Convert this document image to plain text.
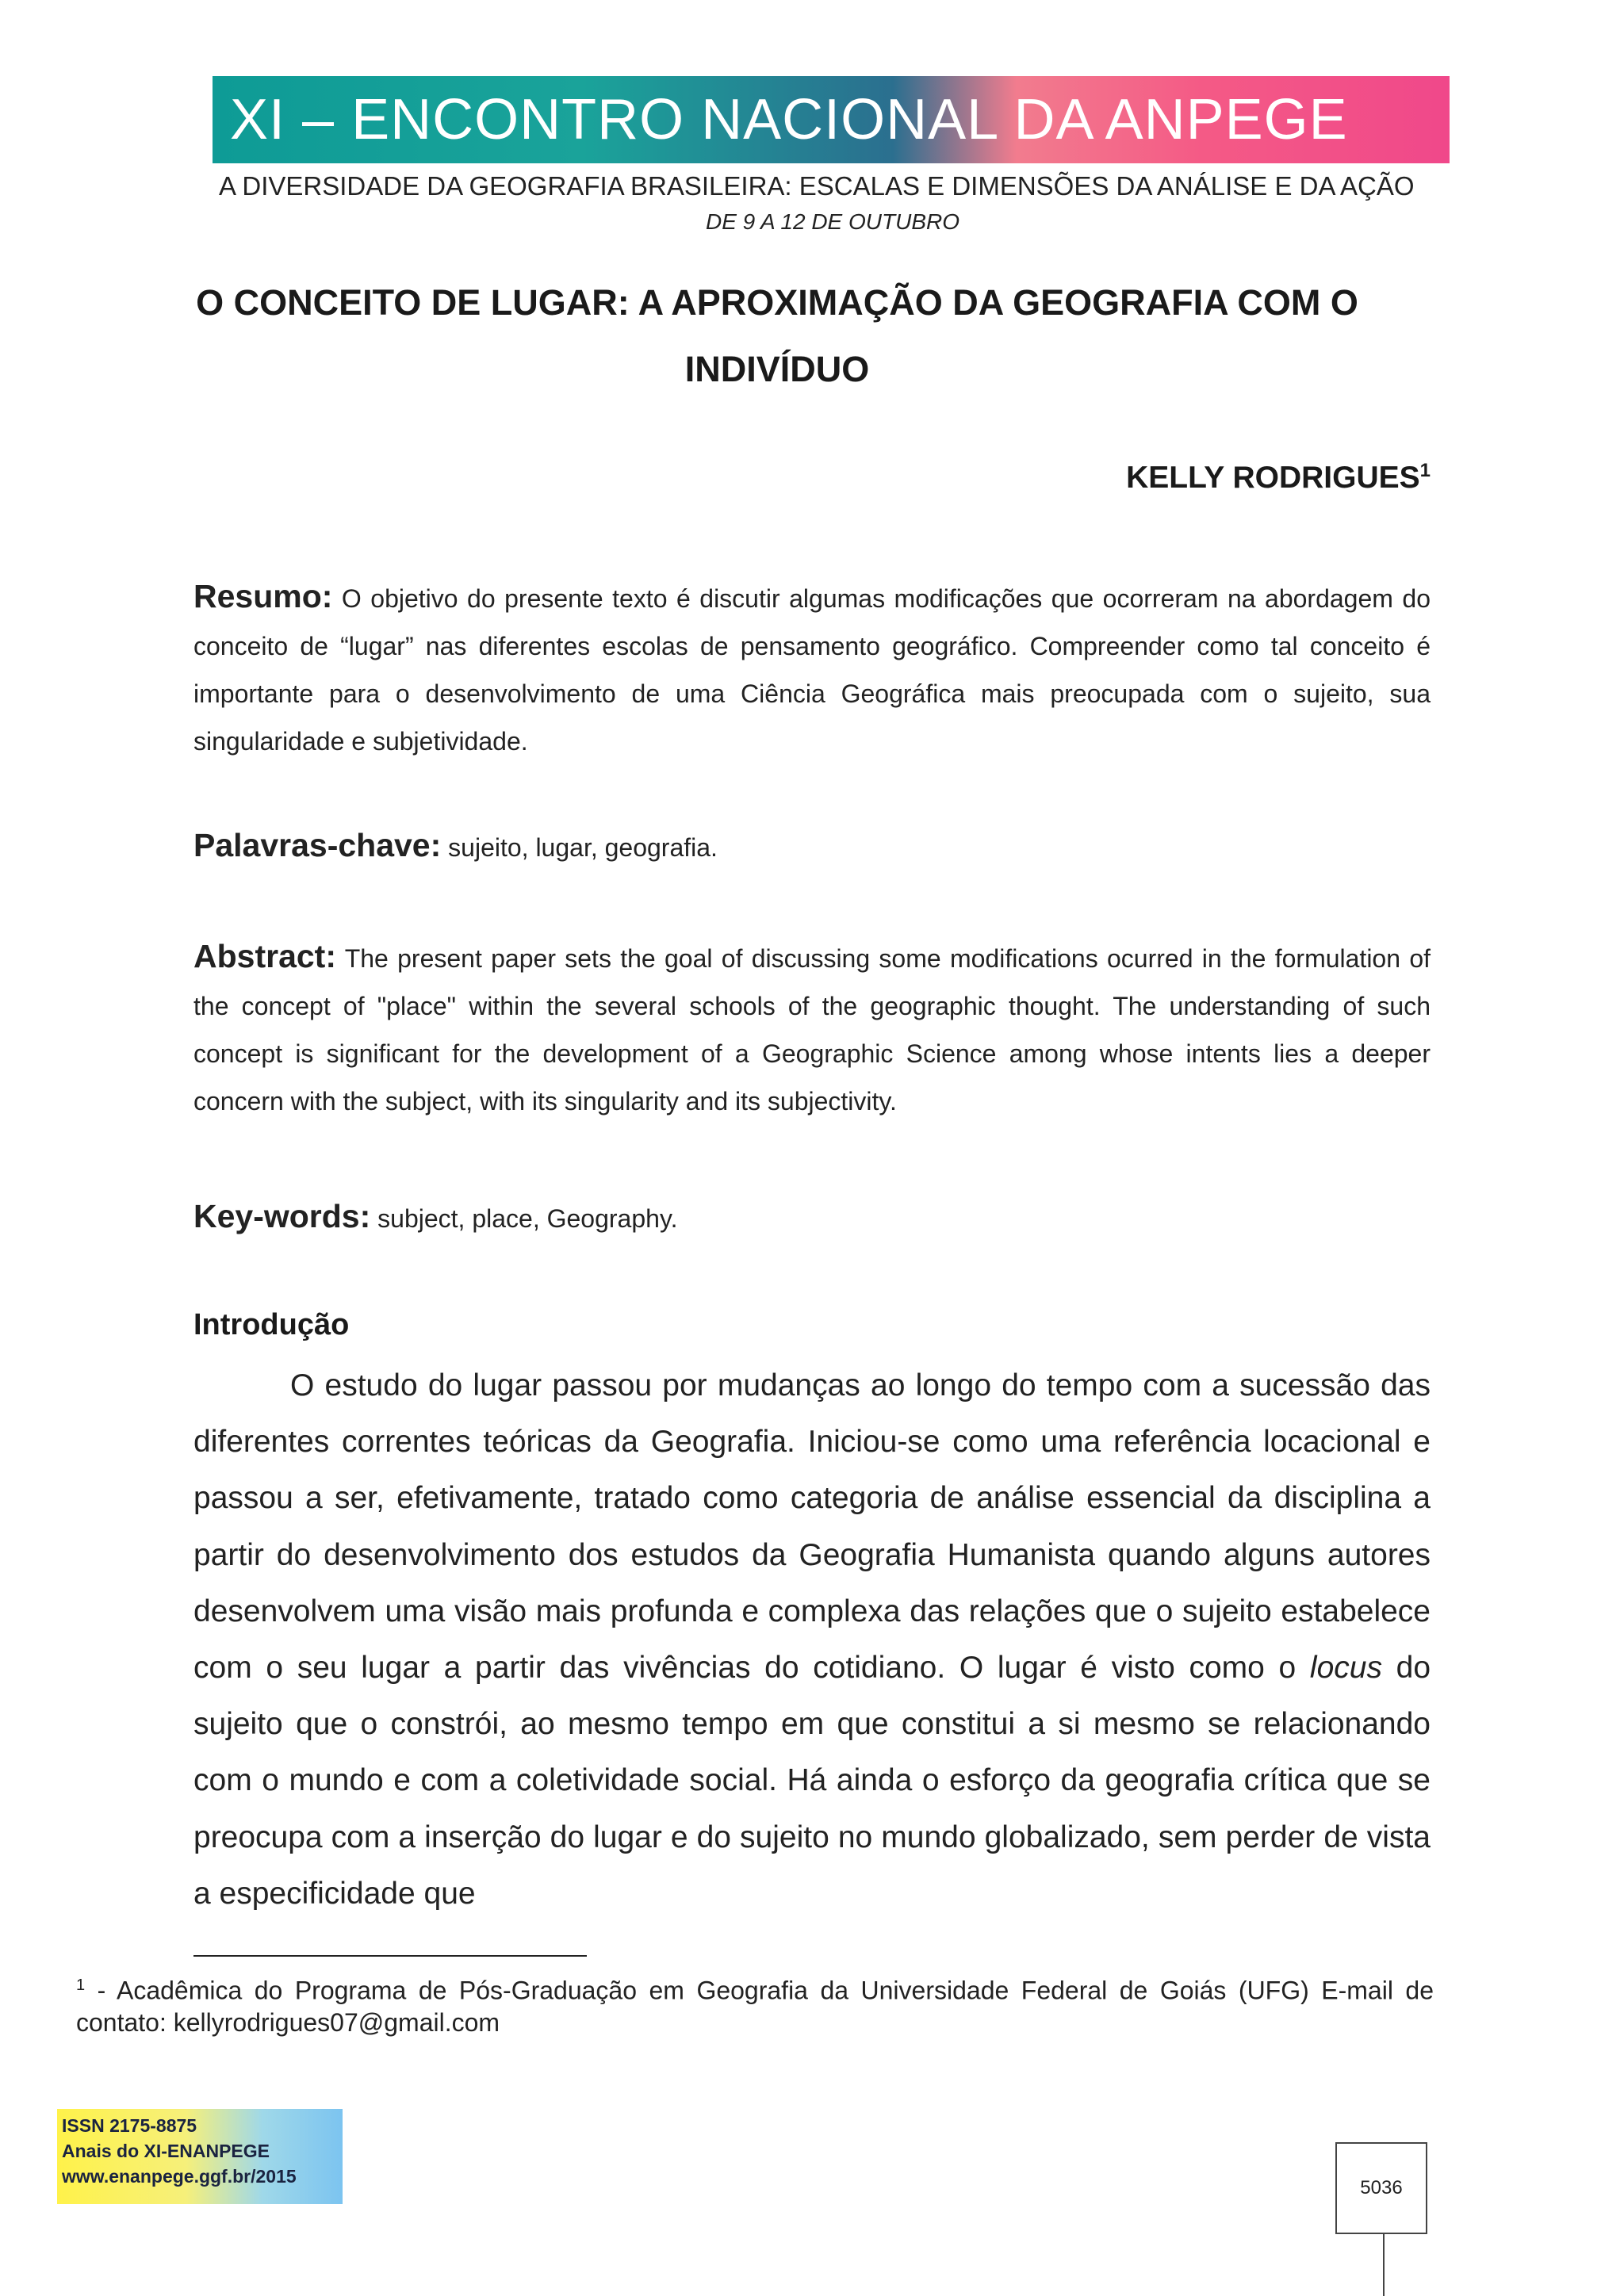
XI – ENCONTRO NACIONAL DA ANPEGE
A DIVERSIDADE DA GEOGRAFIA BRASILEIRA: ESCALAS E DIMENSÕES DA ANÁLISE E DA AÇÃO
DE 9 A 12 DE OUTUBRO
O CONCEITO DE LUGAR: A APROXIMAÇÃO DA GEOGRAFIA COM O INDIVÍDUO
KELLY RODRIGUES$^1$
Resumo: O objetivo do presente texto é discutir algumas modificações que ocorreram na abordagem do conceito de “lugar” nas diferentes escolas de pensamento geográfico. Compreender como tal conceito é importante para o desenvolvimento de uma Ciência Geográfica mais preocupada com o sujeito, sua singularidade e subjetividade.
Palavras-chave: sujeito, lugar, geografia.
Abstract: The present paper sets the goal of discussing some modifications ocurred in the formulation of the concept of "place" within the several schools of the geographic thought. The understanding of such concept is significant for the development of a Geographic Science among whose intents lies a deeper concern with the subject, with its singularity and its subjectivity.
Key-words: subject, place, Geography.
Introdução

O estudo do lugar passou por mudanças ao longo do tempo com a sucessão das diferentes correntes teóricas da Geografia. Iniciou-se como uma referência locacional e passou a ser, efetivamente, tratado como categoria de análise essencial da disciplina a partir do desenvolvimento dos estudos da Geografia Humanista quando alguns autores desenvolvem uma visão mais profunda e complexa das relações que o sujeito estabelece com o seu lugar a partir das vivências do cotidiano. O lugar é visto como o locus do sujeito que o constrói, ao mesmo tempo em que constitui a si mesmo se relacionando com o mundo e com a coletividade social. Há ainda o esforço da geografia crítica que se preocupa com a inserção do lugar e do sujeito no mundo globalizado, sem perder de vista a especificidade que

$^1$ - Acadêmica do Programa de Pós-Graduação em Geografia da Universidade Federal de Goiás (UFG) E-mail de contato: kellyrodrigues07@gmail.com
ISSN 2175-8875
Anais do XI-ENANPEGE
www.enanpege.ggf.br/2015
5036
